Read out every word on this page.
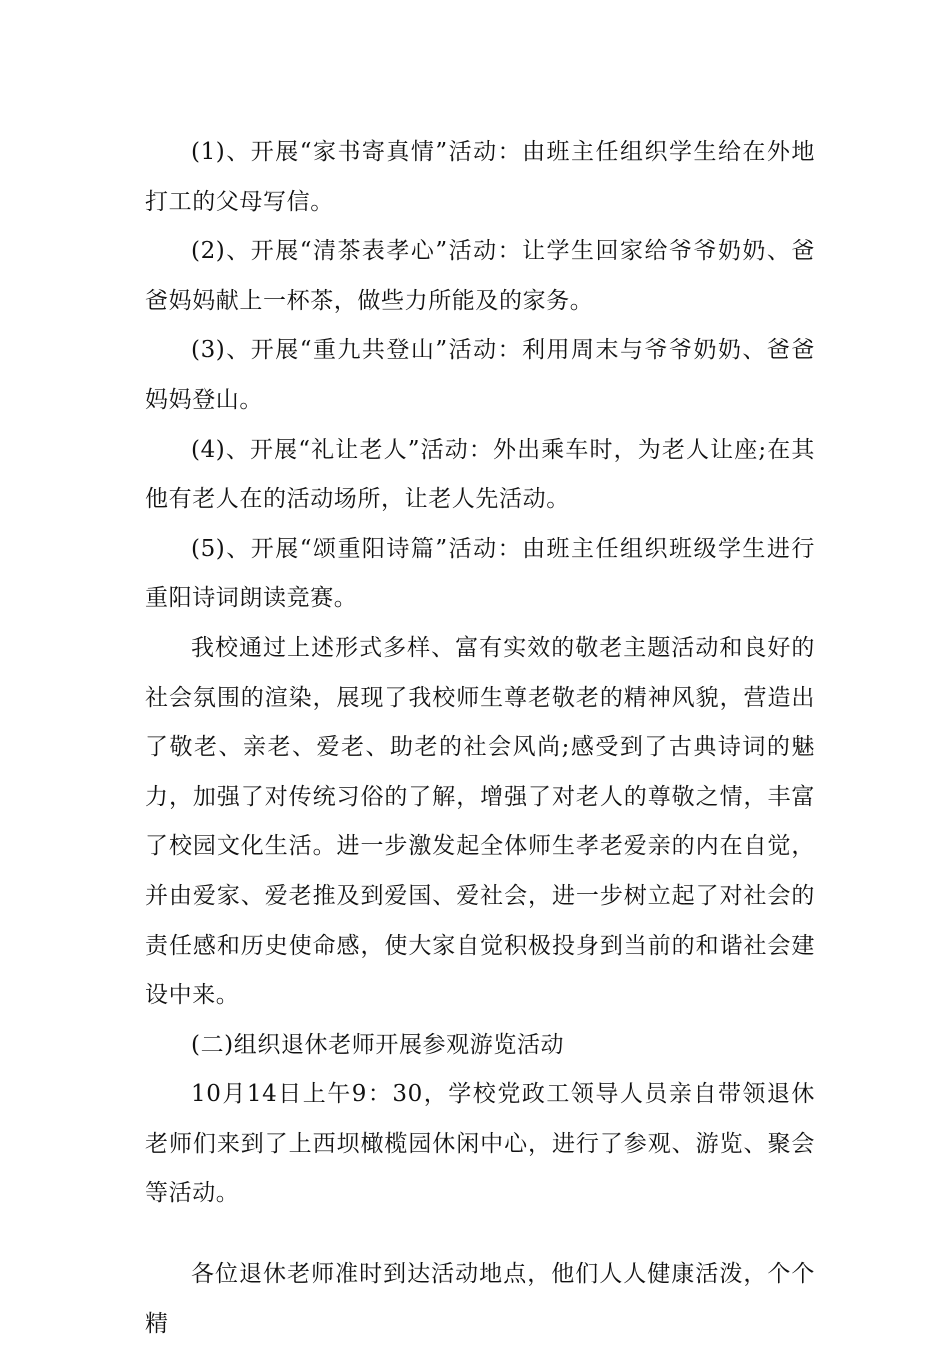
(1)、开展“家书寄真情”活动：由班主任组织学生给在外地打工的父母写信。

(2)、开展“清茶表孝心”活动：让学生回家给爷爷奶奶、爸爸妈妈献上一杯茶，做些力所能及的家务。

(3)、开展“重九共登山”活动：利用周末与爷爷奶奶、爸爸妈妈登山。

(4)、开展“礼让老人”活动：外出乘车时，为老人让座;在其他有老人在的活动场所，让老人先活动。

(5)、开展“颂重阳诗篇”活动：由班主任组织班级学生进行重阳诗词朗读竞赛。

我校通过上述形式多样、富有实效的敬老主题活动和良好的社会氛围的渲染，展现了我校师生尊老敬老的精神风貌，营造出了敬老、亲老、爱老、助老的社会风尚;感受到了古典诗词的魅力，加强了对传统习俗的了解，增强了对老人的尊敬之情，丰富了校园文化生活。进一步激发起全体师生孝老爱亲的内在自觉，并由爱家、爱老推及到爱国、爱社会，进一步树立起了对社会的责任感和历史使命感，使大家自觉积极投身到当前的和谐社会建设中来。

(二)组织退休老师开展参观游览活动

10月14日上午9：30，学校党政工领导人员亲自带领退休老师们来到了上西坝橄榄园休闲中心，进行了参观、游览、聚会等活动。

各位退休老师准时到达活动地点，他们人人健康活泼，个个精
